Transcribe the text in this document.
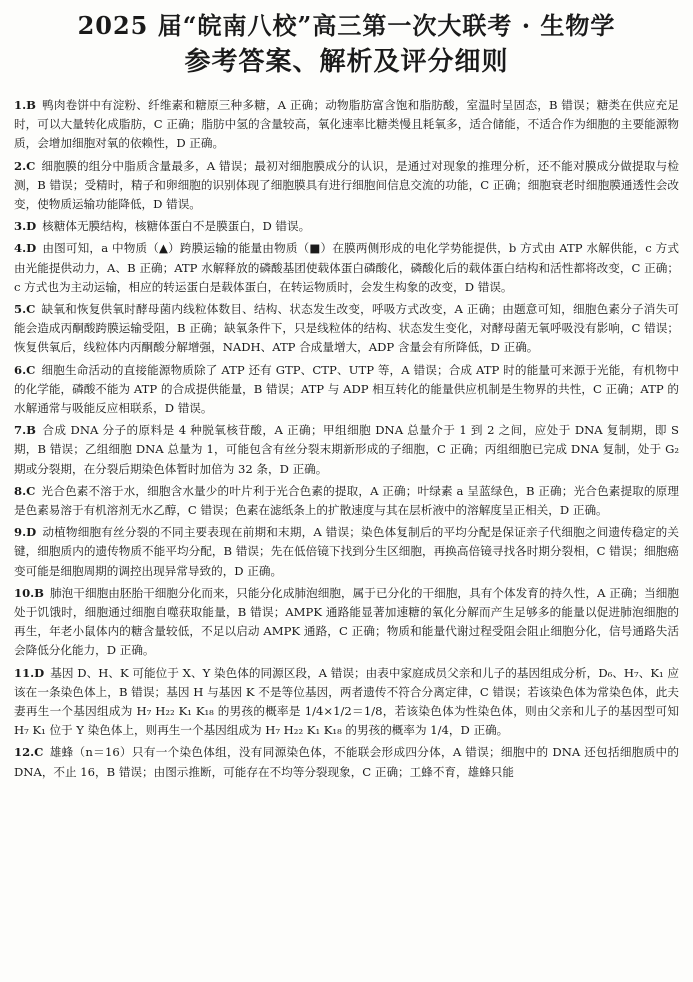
2025 届“皖南八校”高三第一次大联考 · 生物学
参考答案、解析及评分细则

1.B 鸭肉卷饼中有淀粉、纤维素和糖原三种多糖，A 正确；动物脂肪富含饱和脂肪酸，室温时呈固态，B 错误；糖类在供应充足时，可以大量转化成脂肪，C 正确；脂肪中氢的含量较高，氧化速率比糖类慢且耗氧多，适合储能，不适合作为细胞的主要能源物质，会增加细胞对氧的依赖性，D 正确。

2.C 细胞膜的组分中脂质含量最多，A 错误；最初对细胞膜成分的认识，是通过对现象的推理分析，还不能对膜成分做提取与检测，B 错误；受精时，精子和卵细胞的识别体现了细胞膜具有进行细胞间信息交流的功能，C 正确；细胞衰老时细胞膜通透性会改变，使物质运输功能降低，D 错误。

3.D 核糖体无膜结构，核糖体蛋白不是膜蛋白，D 错误。

4.D 由图可知，a 中物质（▲）跨膜运输的能量由物质（■）在膜两侧形成的电化学势能提供，b 方式由 ATP 水解供能，c 方式由光能提供动力，A、B 正确；ATP 水解释放的磷酸基团使载体蛋白磷酸化，磷酸化后的载体蛋白结构和活性都将改变，C 正确；c 方式也为主动运输，相应的转运蛋白是载体蛋白，在转运物质时，会发生构象的改变，D 错误。

5.C 缺氧和恢复供氧时酵母菌内线粒体数目、结构、状态发生改变，呼吸方式改变，A 正确；由题意可知，细胞色素分子消失可能会造成丙酮酸跨膜运输受阻，B 正确；缺氧条件下，只是线粒体的结构、状态发生变化，对酵母菌无氧呼吸没有影响，C 错误；恢复供氧后，线粒体内丙酮酸分解增强，NADH、ATP 合成量增大，ADP 含量会有所降低，D 正确。

6.C 细胞生命活动的直接能源物质除了 ATP 还有 GTP、CTP、UTP 等，A 错误；合成 ATP 时的能量可来源于光能，有机物中的化学能，磷酸不能为 ATP 的合成提供能量，B 错误；ATP 与 ADP 相互转化的能量供应机制是生物界的共性，C 正确；ATP 的水解通常与吸能反应相联系，D 错误。

7.B 合成 DNA 分子的原料是 4 种脱氧核苷酸，A 正确；甲组细胞 DNA 总量介于 1 到 2 之间，应处于 DNA 复制期，即 S 期，B 错误；乙组细胞 DNA 总量为 1，可能包含有丝分裂末期新形成的子细胞，C 正确；丙组细胞已完成 DNA 复制，处于 G₂ 期或分裂期，在分裂后期染色体暂时加倍为 32 条，D 正确。

8.C 光合色素不溶于水，细胞含水量少的叶片利于光合色素的提取，A 正确；叶绿素 a 呈蓝绿色，B 正确；光合色素提取的原理是色素易溶于有机溶剂无水乙醇，C 错误；色素在滤纸条上的扩散速度与其在层析液中的溶解度呈正相关，D 正确。

9.D 动植物细胞有丝分裂的不同主要表现在前期和末期，A 错误；染色体复制后的平均分配是保证亲子代细胞之间遗传稳定的关键，细胞质内的遗传物质不能平均分配，B 错误；先在低倍镜下找到分生区细胞，再换高倍镜寻找各时期分裂相，C 错误；细胞癌变可能是细胞周期的调控出现异常导致的，D 正确。

10.B 肺泡干细胞由胚胎干细胞分化而来，只能分化成肺泡细胞，属于已分化的干细胞，具有个体发育的持久性，A 正确；当细胞处于饥饿时，细胞通过细胞自噬获取能量，B 错误；AMPK 通路能显著加速糖的氧化分解而产生足够多的能量以促进肺泡细胞的再生，年老小鼠体内的糖含量较低，不足以启动 AMPK 通路，C 正确；物质和能量代谢过程受阻会阻止细胞分化，信号通路失活会降低分化能力，D 正确。

11.D 基因 D、H、K 可能位于 X、Y 染色体的同源区段，A 错误；由表中家庭成员父亲和儿子的基因组成分析，D₆、H₇、K₁ 应该在一条染色体上，B 错误；基因 H 与基因 K 不是等位基因，两者遗传不符合分离定律，C 错误；若该染色体为常染色体，此夫妻再生一个基因组成为 H₇ H₂₂ K₁ K₁₈ 的男孩的概率是 1/4×1/2＝1/8，若该染色体为性染色体，则由父亲和儿子的基因型可知 H₇ K₁ 位于 Y 染色体上，则再生一个基因组成为 H₇ H₂₂ K₁ K₁₈ 的男孩的概率为 1/4，D 正确。

12.C 雄蜂（n＝16）只有一个染色体组，没有同源染色体，不能联会形成四分体，A 错误；细胞中的 DNA 还包括细胞质中的 DNA，不止 16，B 错误；由图示推断，可能存在不均等分裂现象，C 正确；工蜂不育，雄蜂只能
